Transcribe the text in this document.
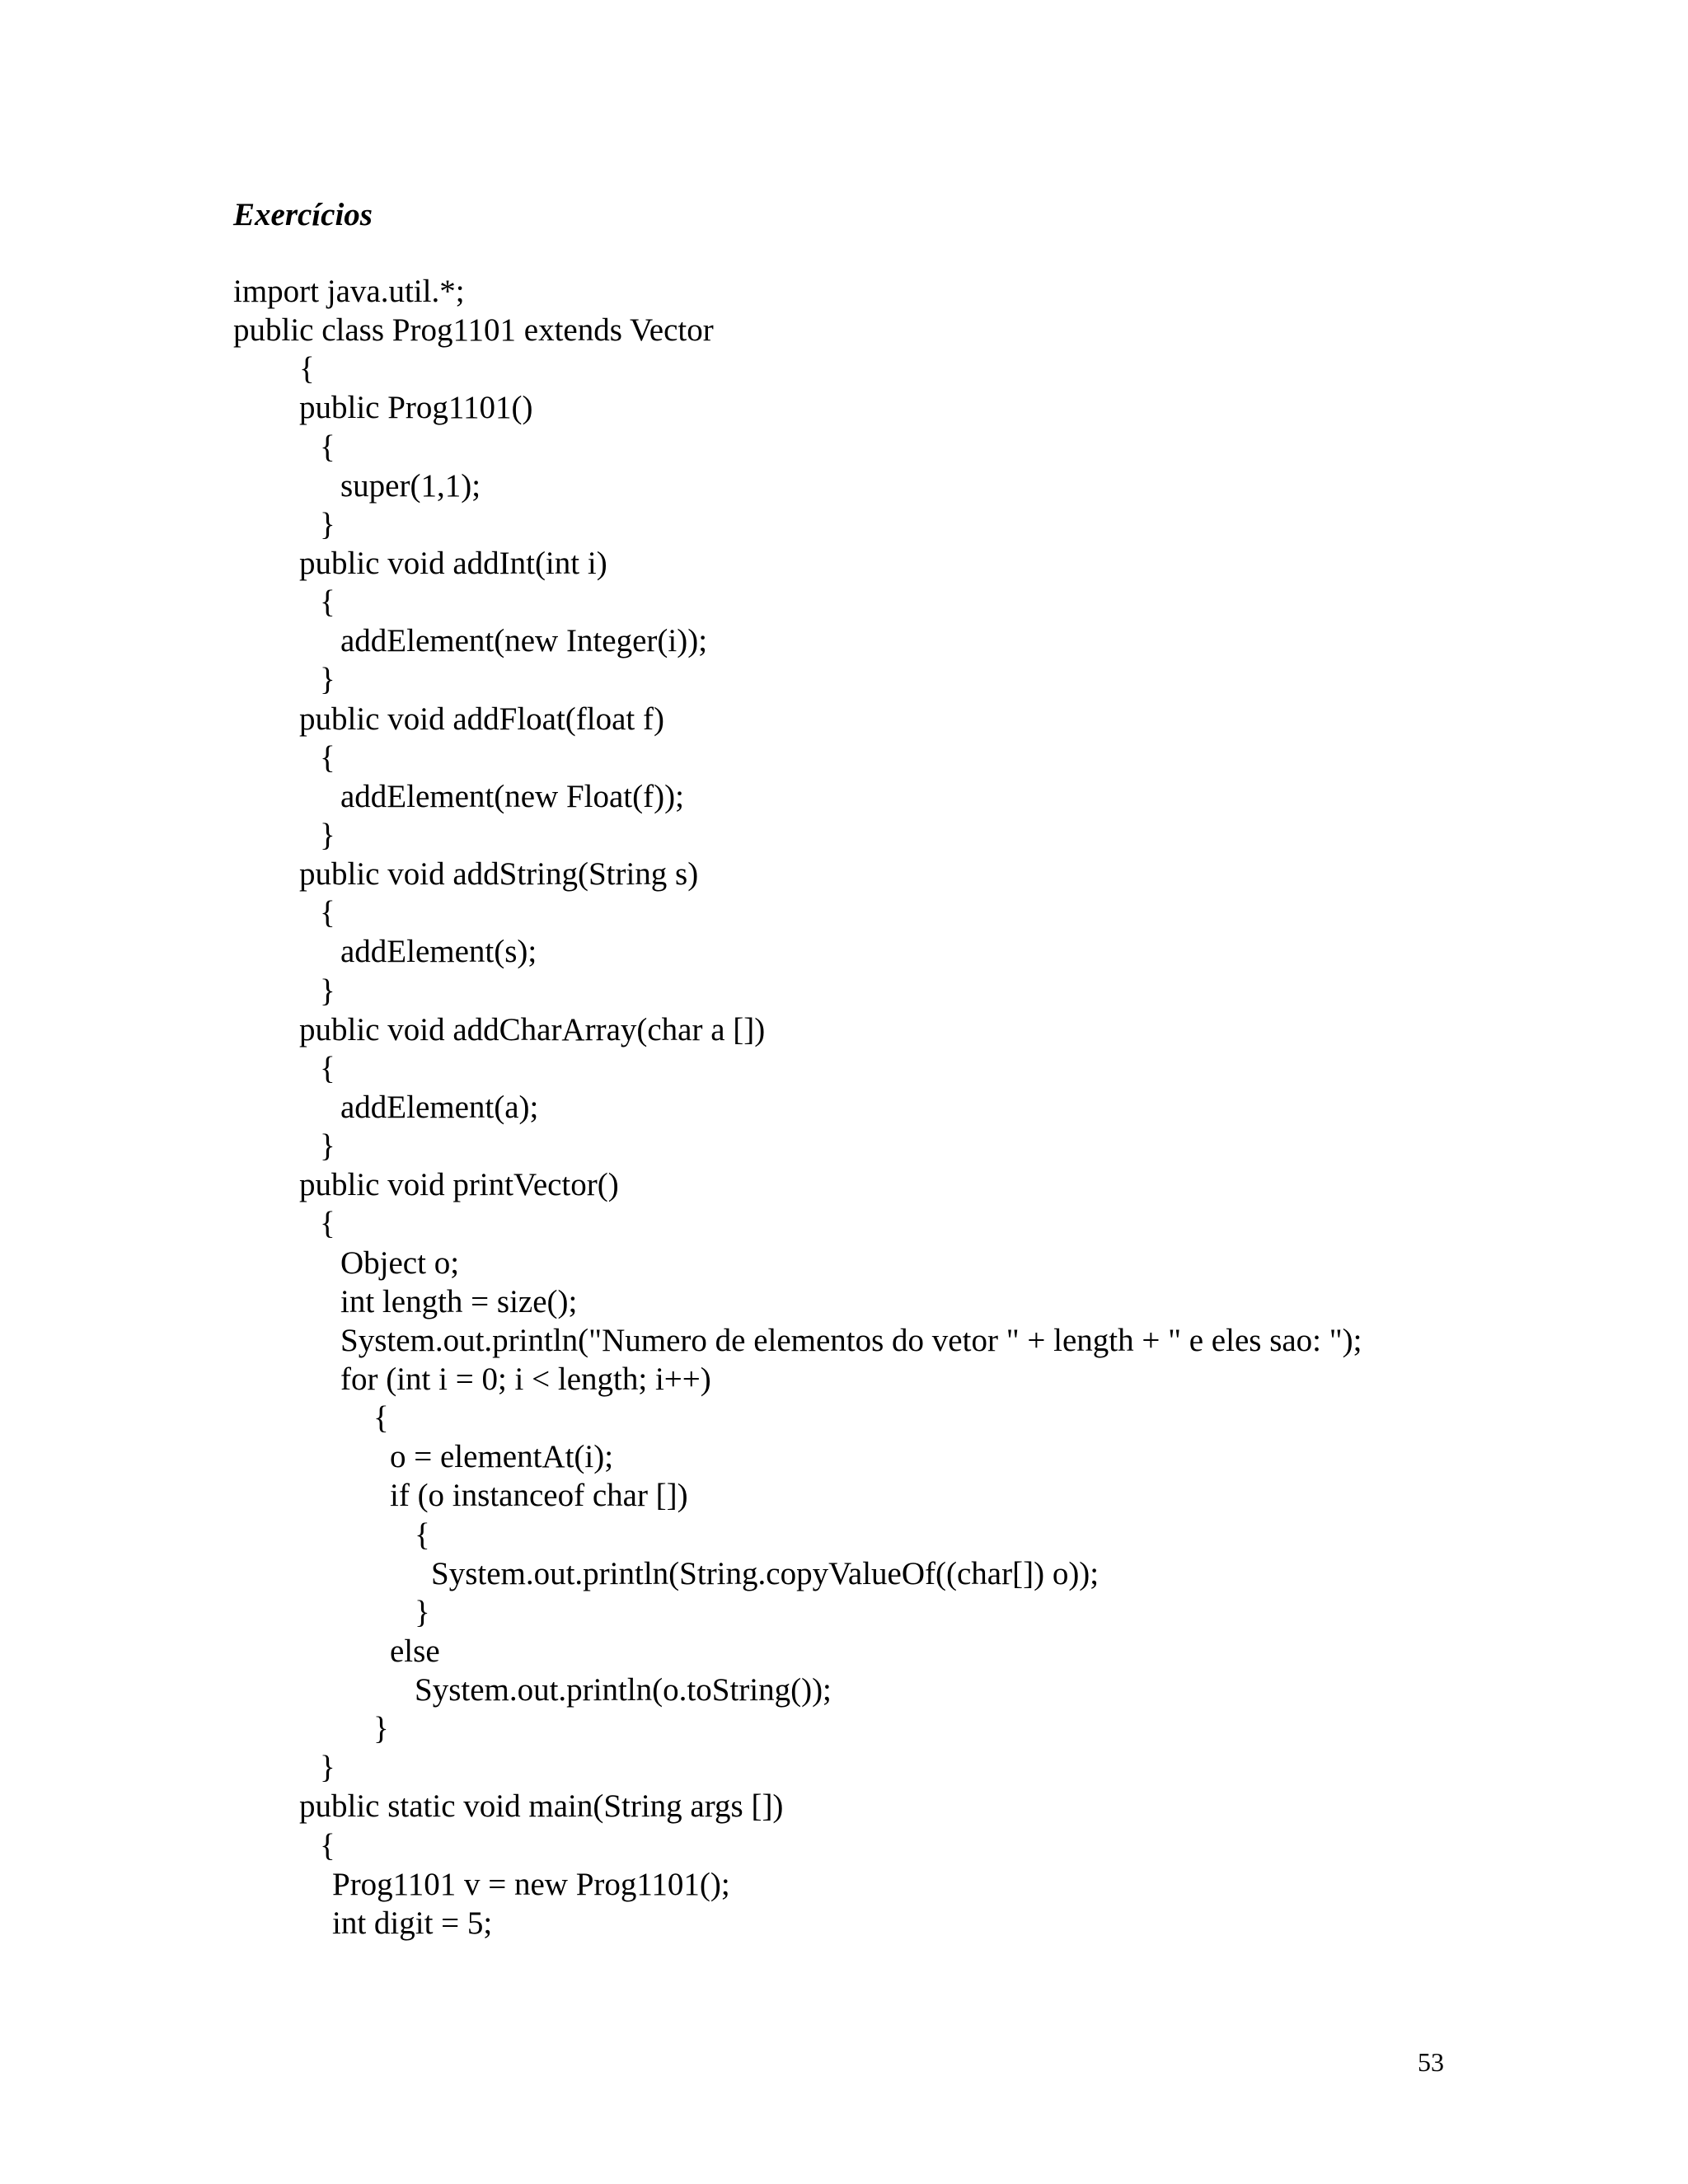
Exercícios
import java.util.*;
public class Prog1101 extends Vector
{
public Prog1101()
{
super(1,1);
}
public void addInt(int i)
{
addElement(new Integer(i));
}
public void addFloat(float f)
{
addElement(new Float(f));
}
public void addString(String s)
{
addElement(s);
}
public void addCharArray(char a [])
{
addElement(a);
}
public void printVector()
{
Object o;
int length = size();
System.out.println("Numero de elementos do vetor " + length + " e eles sao: ");
for (int i = 0; i < length; i++)
{
o = elementAt(i);
if (o instanceof char [])
{
System.out.println(String.copyValueOf((char[]) o));
}
else
System.out.println(o.toString());
}
}
public static void main(String args [])
{
Prog1101 v = new Prog1101();
int digit = 5;
53
